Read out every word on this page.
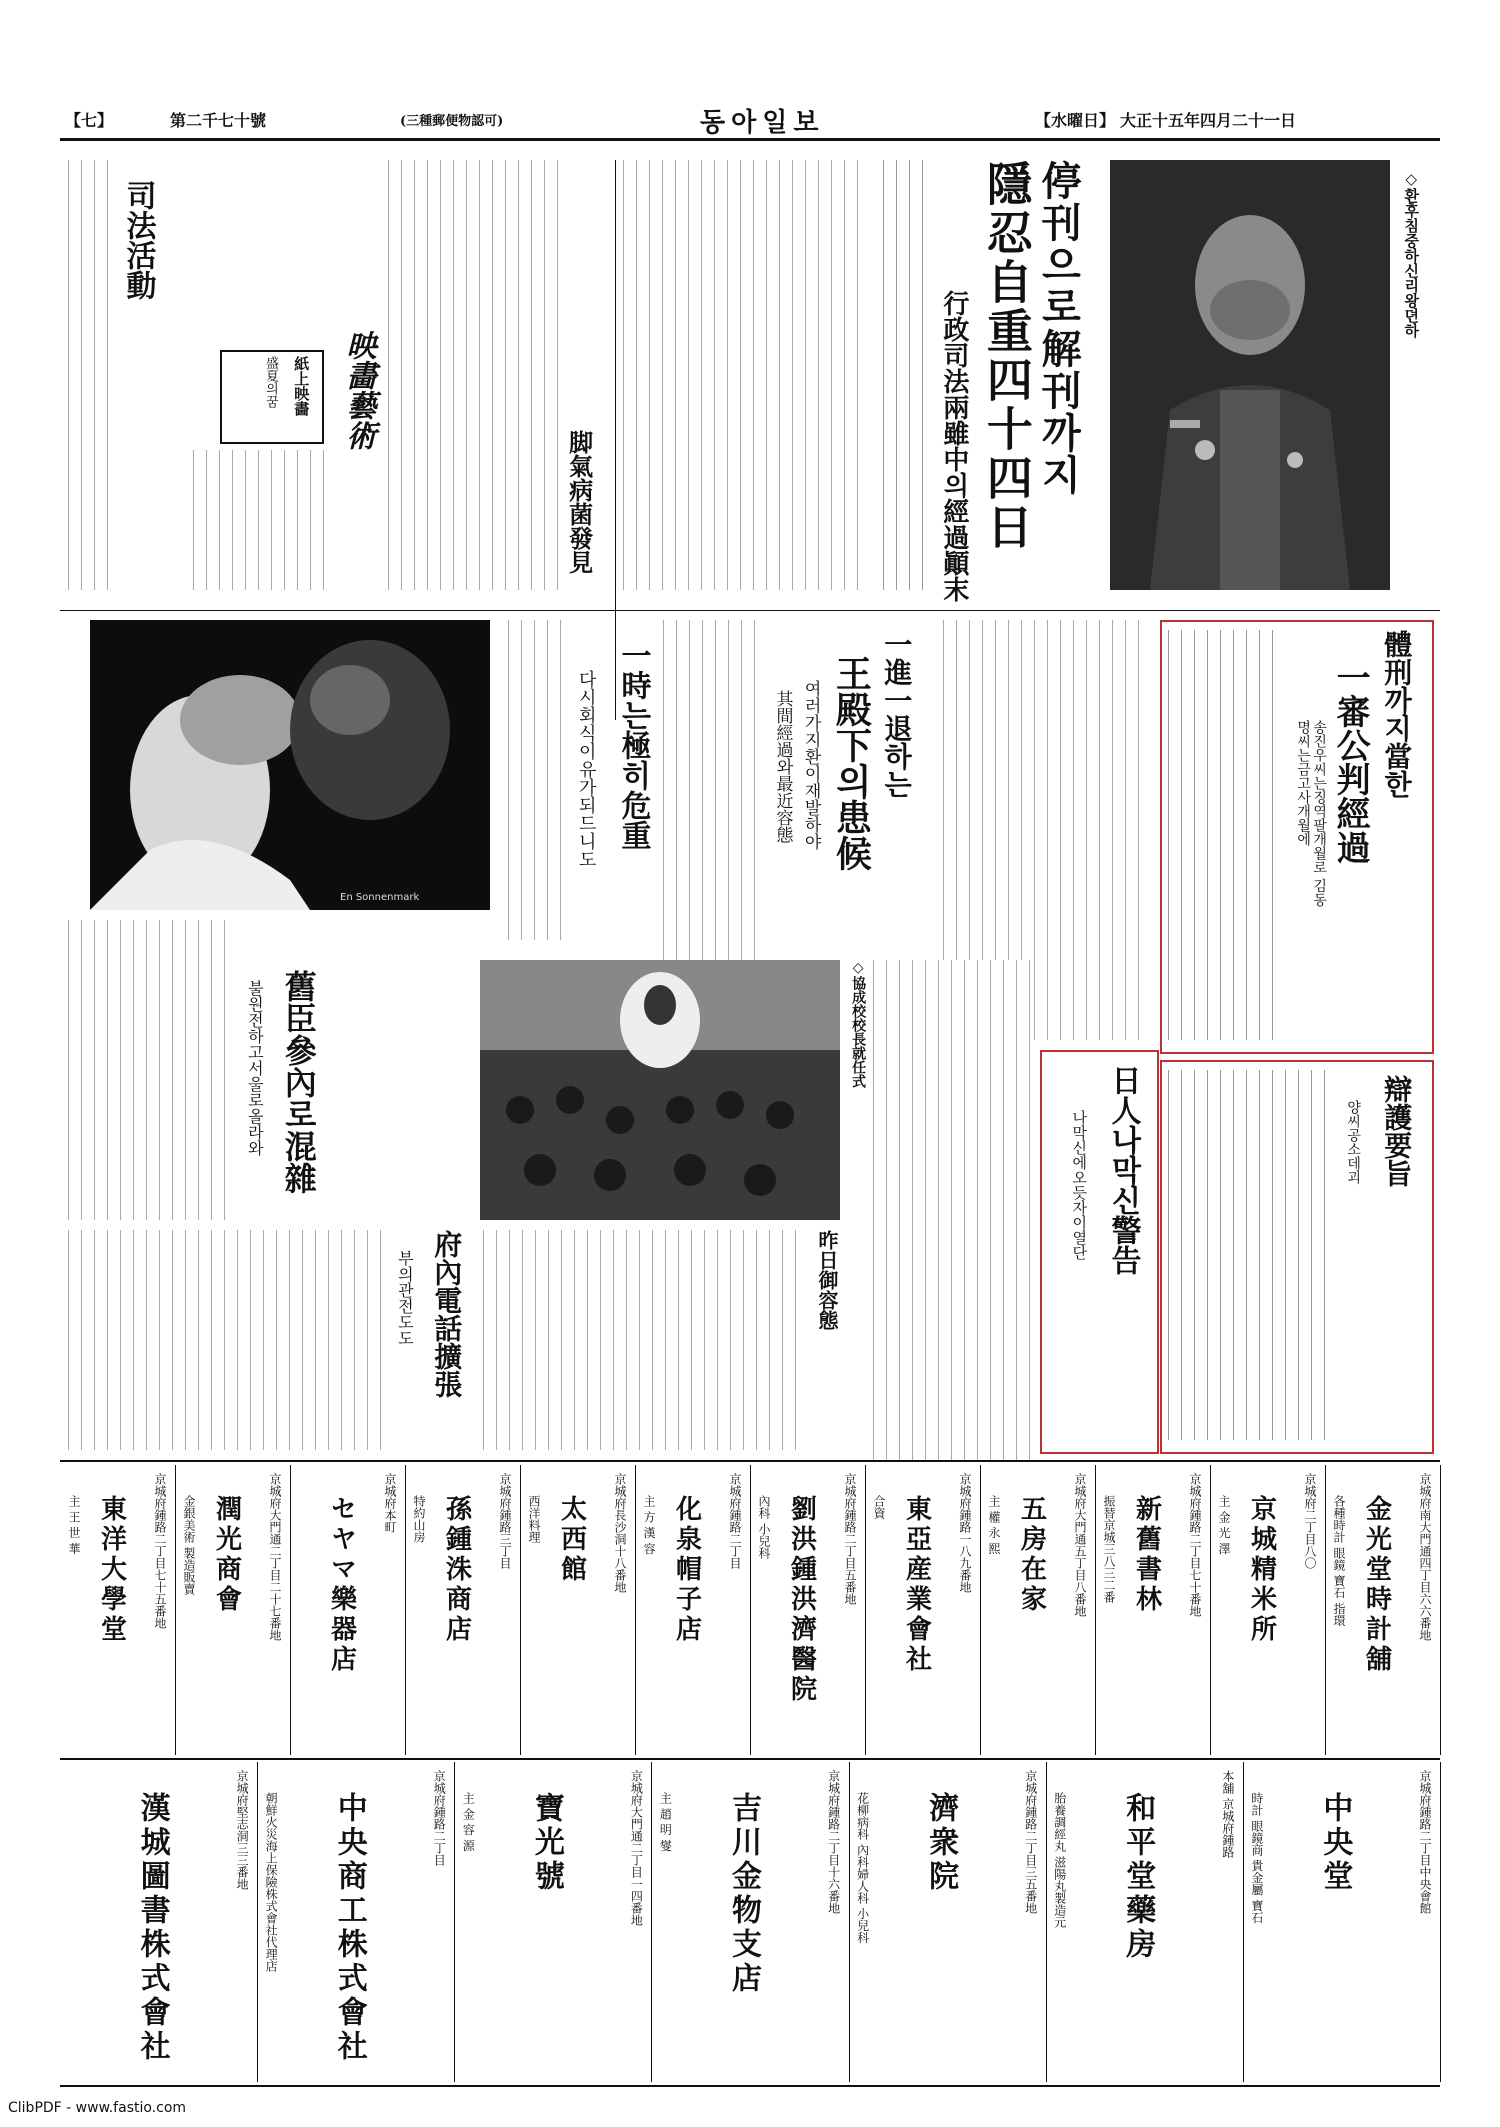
【七】	第二千七十號	(三種郵便物認可)	동아일보	【水曜日】 大正十五年四月二十一日
◇환후침중하신리왕뎐하
停刊으로解刊까지
隱忍自重四十四日
行政司法兩雖中의經過顚末
脚氣病菌發見
映畵藝術
紙上映畵
盛夏의꿈
司法活動
體刑까지當한
一審公判經過
송진우씨는징역팔개월로 김동명씨는금고사개월에
辯護要旨
양씨공소데괴
日人나막신警告
나막신에오듯자이열단
一進一退하는
王殿下의患候
여러가지환이재발하야
其間經過와最近容態
一時는極히危重
다시회식이유가되드니도
En Sonnenmark
◇協成校校長就任式
舊臣參內로混雜
불원전하고서울로올라와
昨日御容態
府內電話擴張
부의관전도도
京城府南大門通四丁目六六番地
金光堂時計舖
各種時計 眼鏡 寶石 指環
京城府二丁目八〇
京城精米所
主 金 光 澤
京城府鍾路二丁目七十番地
新舊書林
振替京城三八三二番
京城府大門通五丁目八番地
五房在家
主 權 永 熙
京城府鍾路一八九番地
東亞産業會社
合資
京城府鍾路二丁目五番地
劉洪鍾洪濟醫院
內科 小兒科
京城府鍾路二丁目
化泉帽子店
主 方 漢 容
京城府長沙洞十八番地
太西館
西洋料理
京城府鍾路三丁目
孫鍾洙商店
特約山房
京城府本町
セヤマ樂器店
京城府大門通二丁目二十七番地
潤光商會
金銀美術 製造販賣
京城府鍾路二丁目七十五番地
東洋大學堂
主 王 世 華
京城府鍾路二丁目中央會館
中央堂
時計 眼鏡商 貴金屬 寶石
本舖 京城府鍾路
和平堂藥房
胎養調經丸 滋陽丸製造元
京城府鍾路二丁目三五番地
濟衆院
花柳病科 內科婦人科 小兒科
京城府鍾路二丁目十六番地
吉川金物支店
主 趙 明 燮
京城府大門通二丁目一四番地
寶光號
主 金 容 源
京城府鍾路二丁目
中央商工株式會社
朝鮮火災海上保險株式會社代理店
京城府堅志洞三三番地
漢城圖書株式會社
ClibPDF - www.fastio.com
